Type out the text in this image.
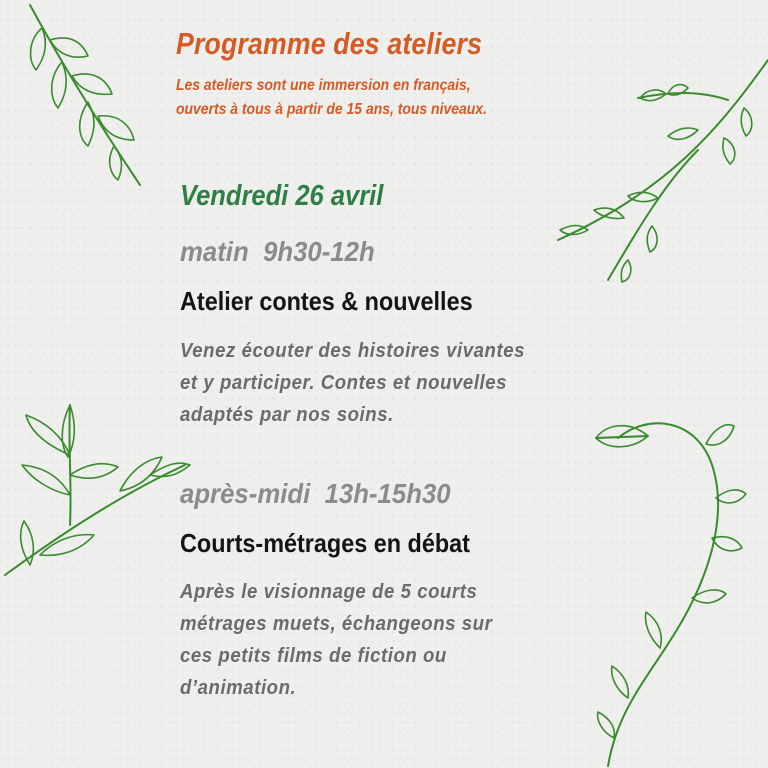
Programme des ateliers

Les ateliers sont une immersion en français,

ouverts à tous à partir de 15 ans, tous niveaux.

Vendredi 26 avril

matin  9h30-12h

Atelier contes & nouvelles

Venez écouter des histoires vivantes
et y participer. Contes et nouvelles
adaptés par nos soins.

après-midi  13h-15h30

Courts-métrages en débat

Après le visionnage de 5 courts
métrages muets, échangeons sur
ces petits films de fiction ou
d’animation.
